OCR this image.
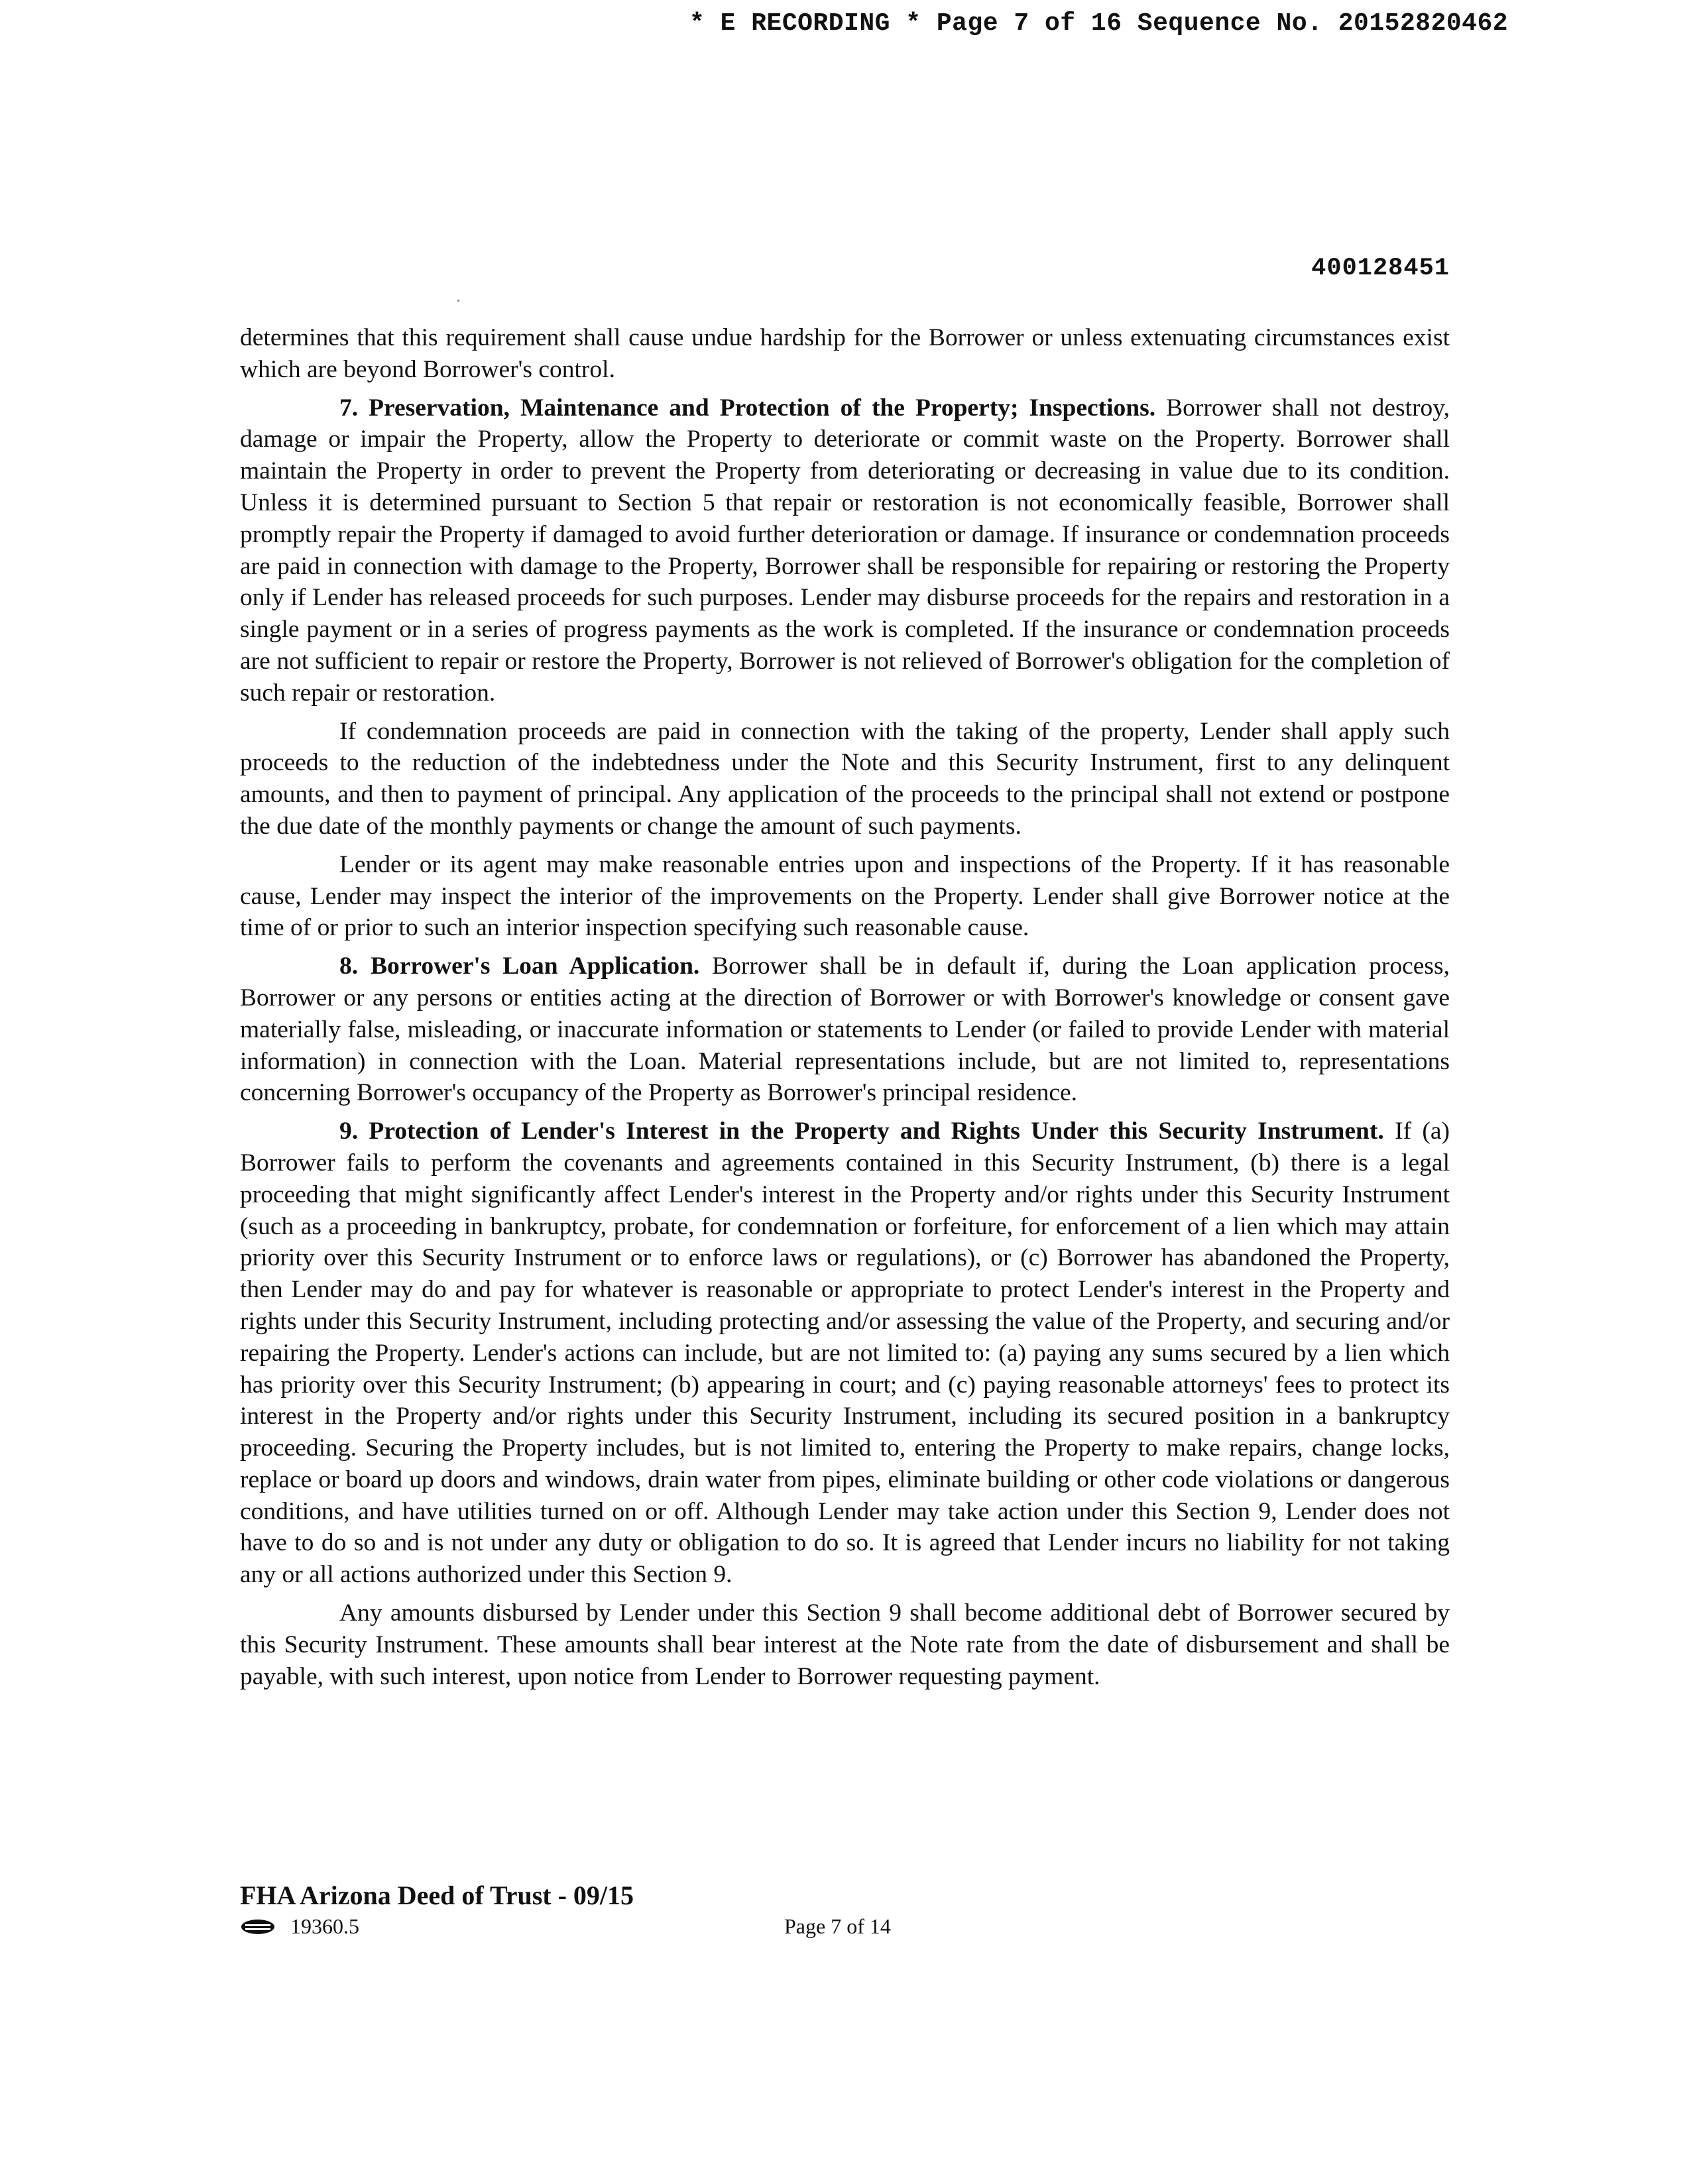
* E RECORDING * Page 7 of 16 Sequence No. 20152820462
400128451

determines that this requirement shall cause undue hardship for the Borrower or unless extenuating circumstances exist which are beyond Borrower's control.

7. Preservation, Maintenance and Protection of the Property; Inspections. Borrower shall not destroy, damage or impair the Property, allow the Property to deteriorate or commit waste on the Property. Borrower shall maintain the Property in order to prevent the Property from deteriorating or decreasing in value due to its condition. Unless it is determined pursuant to Section 5 that repair or restoration is not economically feasible, Borrower shall promptly repair the Property if damaged to avoid further deterioration or damage. If insurance or condemnation proceeds are paid in connection with damage to the Property, Borrower shall be responsible for repairing or restoring the Property only if Lender has released proceeds for such purposes. Lender may disburse proceeds for the repairs and restoration in a single payment or in a series of progress payments as the work is completed. If the insurance or condemnation proceeds are not sufficient to repair or restore the Property, Borrower is not relieved of Borrower's obligation for the completion of such repair or restoration.

If condemnation proceeds are paid in connection with the taking of the property, Lender shall apply such proceeds to the reduction of the indebtedness under the Note and this Security Instrument, first to any delinquent amounts, and then to payment of principal. Any application of the proceeds to the principal shall not extend or postpone the due date of the monthly payments or change the amount of such payments.

Lender or its agent may make reasonable entries upon and inspections of the Property. If it has reasonable cause, Lender may inspect the interior of the improvements on the Property. Lender shall give Borrower notice at the time of or prior to such an interior inspection specifying such reasonable cause.

8. Borrower's Loan Application. Borrower shall be in default if, during the Loan application process, Borrower or any persons or entities acting at the direction of Borrower or with Borrower's knowledge or consent gave materially false, misleading, or inaccurate information or statements to Lender (or failed to provide Lender with material information) in connection with the Loan. Material representations include, but are not limited to, representations concerning Borrower's occupancy of the Property as Borrower's principal residence.

9. Protection of Lender's Interest in the Property and Rights Under this Security Instrument. If (a) Borrower fails to perform the covenants and agreements contained in this Security Instrument, (b) there is a legal proceeding that might significantly affect Lender's interest in the Property and/or rights under this Security Instrument (such as a proceeding in bankruptcy, probate, for condemnation or forfeiture, for enforcement of a lien which may attain priority over this Security Instrument or to enforce laws or regulations), or (c) Borrower has abandoned the Property, then Lender may do and pay for whatever is reasonable or appropriate to protect Lender's interest in the Property and rights under this Security Instrument, including protecting and/or assessing the value of the Property, and securing and/or repairing the Property. Lender's actions can include, but are not limited to: (a) paying any sums secured by a lien which has priority over this Security Instrument; (b) appearing in court; and (c) paying reasonable attorneys' fees to protect its interest in the Property and/or rights under this Security Instrument, including its secured position in a bankruptcy proceeding. Securing the Property includes, but is not limited to, entering the Property to make repairs, change locks, replace or board up doors and windows, drain water from pipes, eliminate building or other code violations or dangerous conditions, and have utilities turned on or off. Although Lender may take action under this Section 9, Lender does not have to do so and is not under any duty or obligation to do so. It is agreed that Lender incurs no liability for not taking any or all actions authorized under this Section 9.

Any amounts disbursed by Lender under this Section 9 shall become additional debt of Borrower secured by this Security Instrument. These amounts shall bear interest at the Note rate from the date of disbursement and shall be payable, with such interest, upon notice from Lender to Borrower requesting payment.

FHA Arizona Deed of Trust - 09/15
19360.5	Page 7 of 14
